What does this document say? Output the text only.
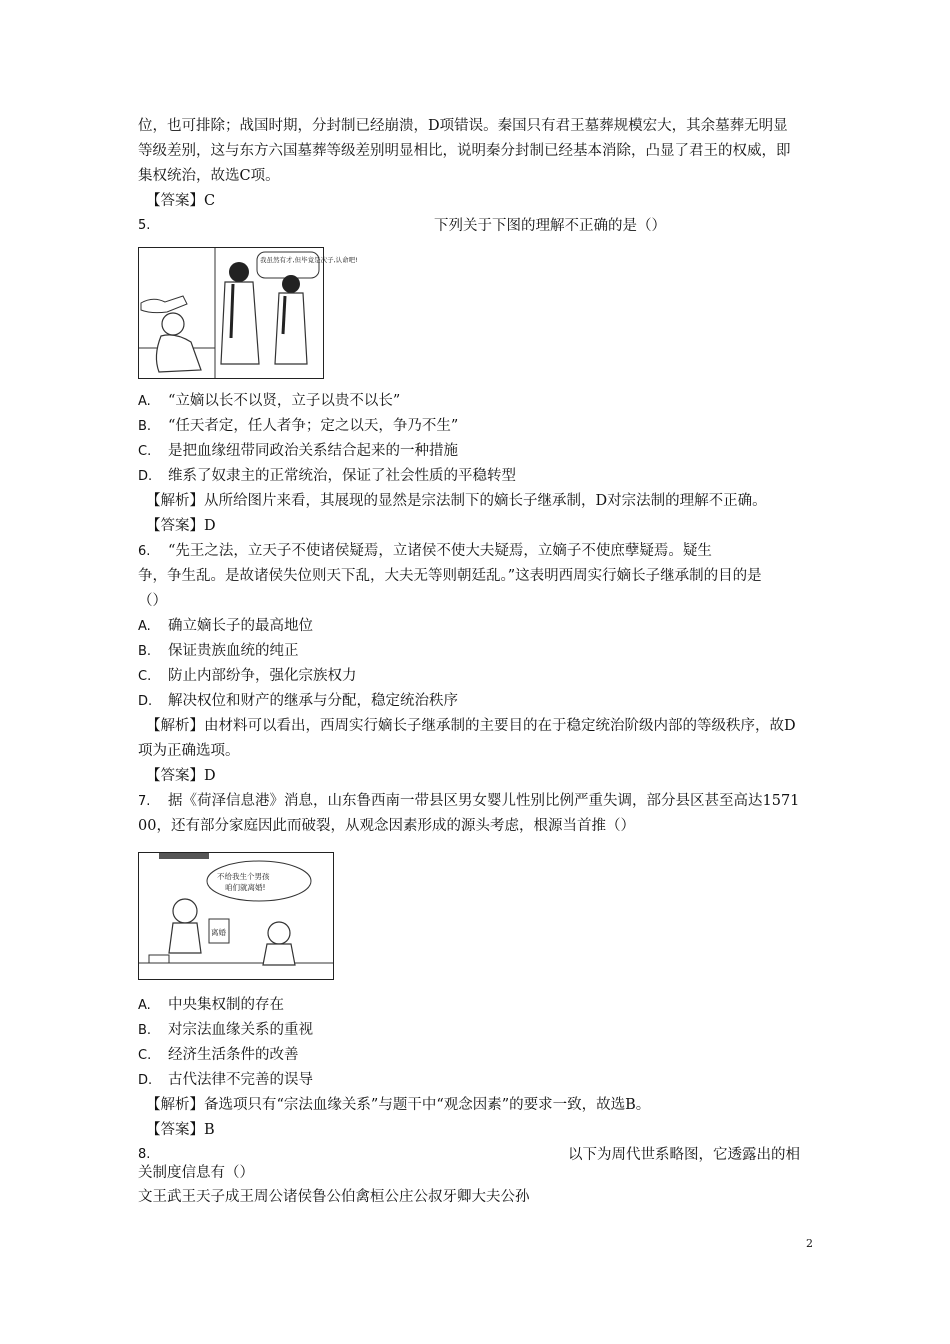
位，也可排除；战国时期，分封制已经崩溃，D项错误。秦国只有君王墓葬规模宏大，其余墓葬无明显
等级差别，这与东方六国墓葬等级差别明显相比，说明秦分封制已经基本消除，凸显了君王的权威，即
集权统治，故选C项。
【答案】C
5.	下列关于下图的理解不正确的是（）
我虽然有才,但毕竟是次子,认命吧!
A. “立嫡以长不以贤，立子以贵不以长”
B. “任天者定，任人者争；定之以天，争乃不生”
C. 是把血缘纽带同政治关系结合起来的一种措施
D. 维系了奴隶主的正常统治，保证了社会性质的平稳转型
【解析】从所给图片来看，其展现的显然是宗法制下的嫡长子继承制，D对宗法制的理解不正确。
【答案】D
6. “先王之法，立天子不使诸侯疑焉，立诸侯不使大夫疑焉，立嫡子不使庶孽疑焉。疑生
争，争生乱。是故诸侯失位则天下乱，大夫无等则朝廷乱。”这表明西周实行嫡长子继承制的目的是
（）
A. 确立嫡长子的最高地位
B. 保证贵族血统的纯正
C. 防止内部纷争，强化宗族权力
D. 解决权位和财产的继承与分配，稳定统治秩序
【解析】由材料可以看出，西周实行嫡长子继承制的主要目的在于稳定统治阶级内部的等级秩序，故D
项为正确选项。
【答案】D
7. 据《荷泽信息港》消息，山东鲁西南一带县区男女婴儿性别比例严重失调，部分县区甚至高达1571
00，还有部分家庭因此而破裂，从观念因素形成的源头考虑，根源当首推（）
不给我生个男孩
咱们就离婚!
离婚
A. 中央集权制的存在
B. 对宗法血缘关系的重视
C. 经济生活条件的改善
D. 古代法律不完善的误导
【解析】备选项只有“宗法血缘关系”与题干中“观念因素”的要求一致，故选B。
【答案】B
8.	以下为周代世系略图，它透露出的相
关制度信息有（）
文王武王天子成王周公诸侯鲁公伯禽桓公庄公叔牙卿大夫公孙
2
